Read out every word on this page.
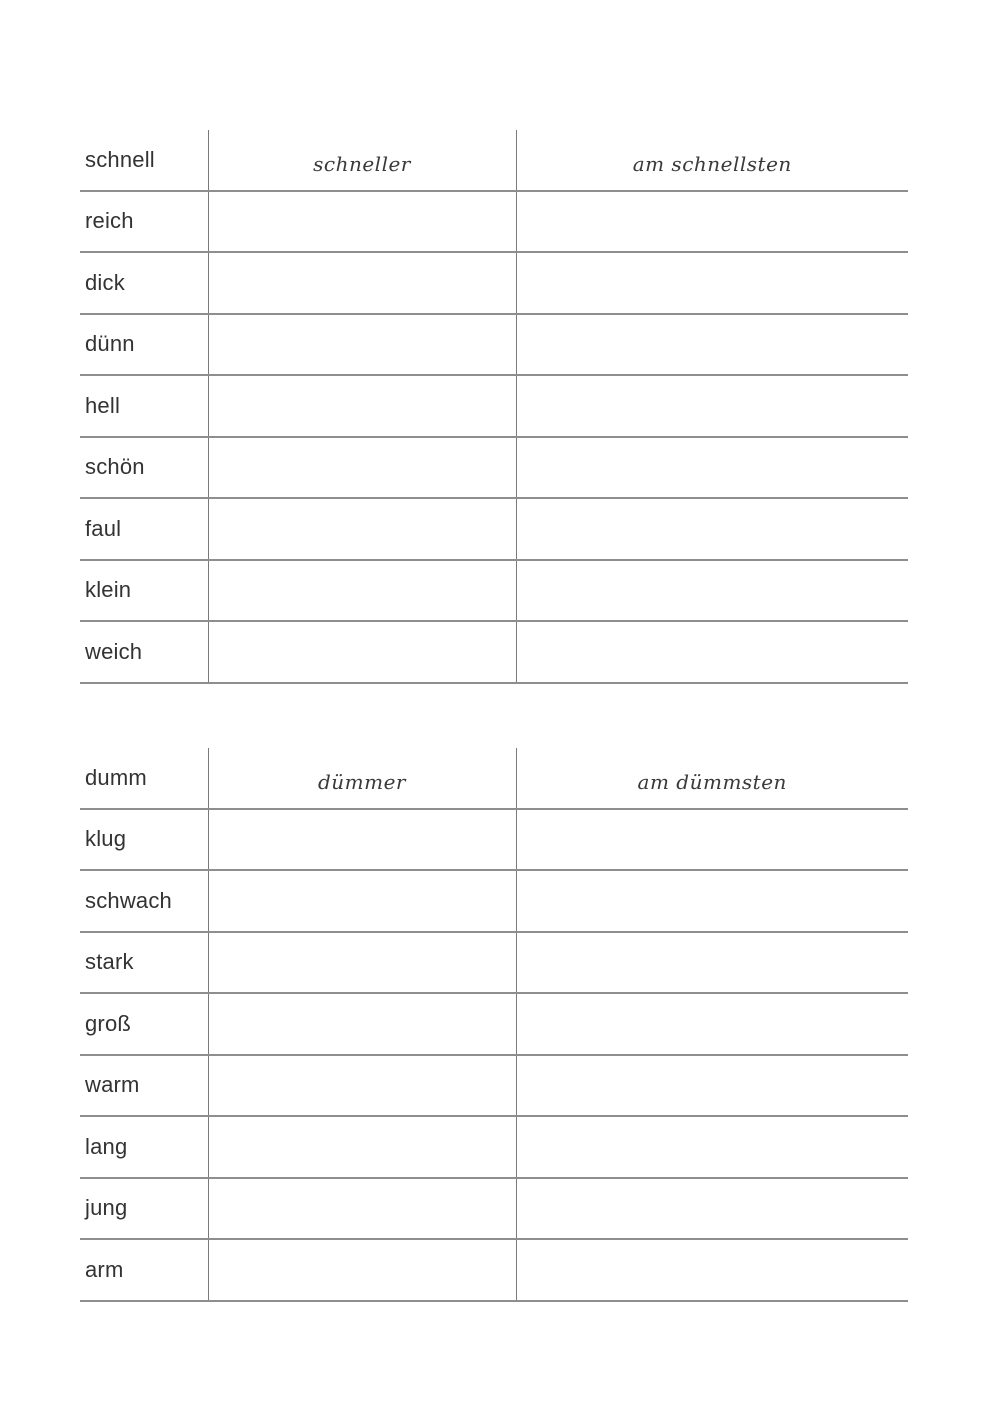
schnell	schneller	am schnellsten
reich		
dick		
dünn		
hell		
schön		
faul		
klein		
weich		
dumm	dümmer	am dümmsten
klug		
schwach		
stark		
groß		
warm		
lang		
jung		
arm		
